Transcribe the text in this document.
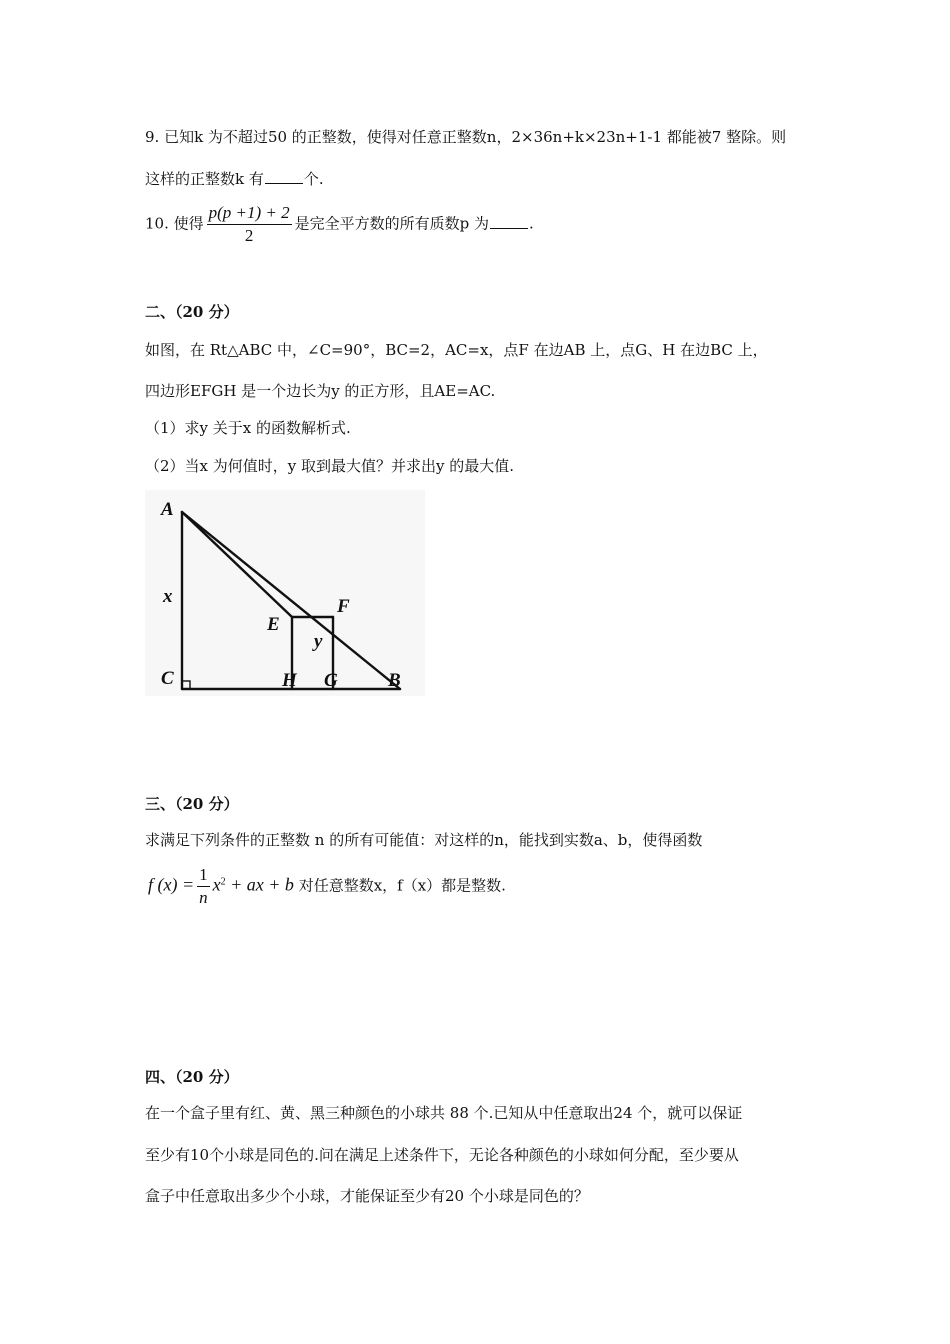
9. 已知k 为不超过50 的正整数，使得对任意正整数n，2×36n+k×23n+1-1 都能被7 整除。则
这样的正整数k 有	个.
10. 使得 $\frac{p(p +1) + 2}{2}$ 是完全平方数的所有质数p 为	.
二、（20 分）
如图，在 Rt△ABC 中，∠C=90°，BC=2，AC=x，点F 在边AB 上，点G、H 在边BC 上，
四边形EFGH 是一个边长为y 的正方形，且AE=AC.
（1）求y 关于x 的函数解析式.
（2）当x 为何值时，y 取到最大值？并求出y 的最大值.
A
x
E
F
y
C	H G	B
三、（20 分）
求满足下列条件的正整数 n 的所有可能值：对这样的n，能找到实数a、b，使得函数
f $(x) = \frac{1}{n} x^2$ + ax + b 对任意整数x，f（x）都是整数.
四、（20 分）
在一个盒子里有红、黄、黑三种颜色的小球共 88 个.已知从中任意取出24 个，就可以保证
至少有10个小球是同色的.问在满足上述条件下，无论各种颜色的小球如何分配，至少要从
盒子中任意取出多少个小球，才能保证至少有20 个小球是同色的？
